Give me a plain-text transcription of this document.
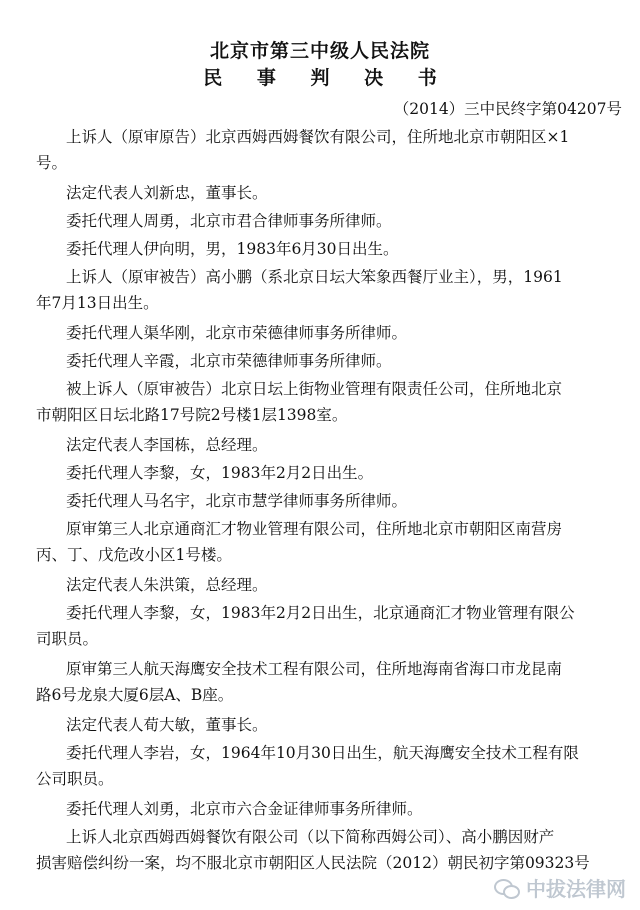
北京市第三中级人民法院
民 事 判 决 书
（2014）三中民终字第04207号
上诉人（原审原告）北京西姆西姆餐饮有限公司，住所地北京市朝阳区×1
号。
法定代表人刘新忠，董事长。
委托代理人周勇，北京市君合律师事务所律师。
委托代理人伊向明，男，1983年6月30日出生。
上诉人（原审被告）高小鹏（系北京日坛大笨象西餐厅业主），男，1961
年7月13日出生。
委托代理人渠华刚，北京市荣德律师事务所律师。
委托代理人辛霞，北京市荣德律师事务所律师。
被上诉人（原审被告）北京日坛上街物业管理有限责任公司，住所地北京
市朝阳区日坛北路17号院2号楼1层1398室。
法定代表人李国栋，总经理。
委托代理人李黎，女，1983年2月2日出生。
委托代理人马名宇，北京市慧学律师事务所律师。
原审第三人北京通商汇才物业管理有限公司，住所地北京市朝阳区南营房
丙、丁、戊危改小区1号楼。
法定代表人朱洪策，总经理。
委托代理人李黎，女，1983年2月2日出生，北京通商汇才物业管理有限公
司职员。
原审第三人航天海鹰安全技术工程有限公司，住所地海南省海口市龙昆南
路6号龙泉大厦6层A、B座。
法定代表人荀大敏，董事长。
委托代理人李岩，女，1964年10月30日出生，航天海鹰安全技术工程有限
公司职员。
委托代理人刘勇，北京市六合金证律师事务所律师。
上诉人北京西姆西姆餐饮有限公司（以下简称西姆公司）、高小鹏因财产
损害赔偿纠纷一案，均不服北京市朝阳区人民法院（2012）朝民初字第09323号
中拔法律网
